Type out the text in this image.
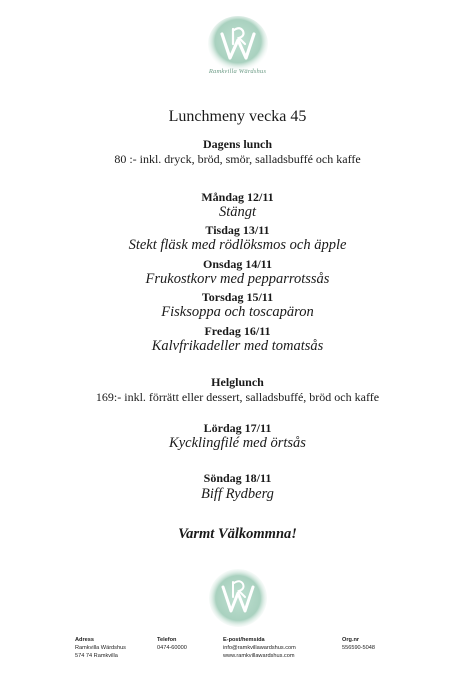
Ramkvilla Wärdshus
Lunchmeny vecka 45
Dagens lunch
80 :- inkl. dryck, bröd, smör, salladsbuffé och kaffe
Måndag 12/11
Stängt
Tisdag 13/11
Stekt fläsk med rödlöksmos och äpple
Onsdag 14/11
Frukostkorv med pepparrotssås
Torsdag 15/11
Fisksoppa och toscapäron
Fredag 16/11
Kalvfrikadeller med tomatsås
Helglunch
169:- inkl. förrätt eller dessert, salladsbuffé, bröd och kaffe
Lördag 17/11
Kycklingfilé med örtsås
Söndag 18/11
Biff Rydberg
Varmt Välkommna!
Adress
Ramkvilla Wärdshus
574 74 Ramkvilla
Telefon
0474-60000
E-post/hemsida
info@ramkvillawardshus.com
www.ramkvillawardshus.com
Org.nr
556590-5048
